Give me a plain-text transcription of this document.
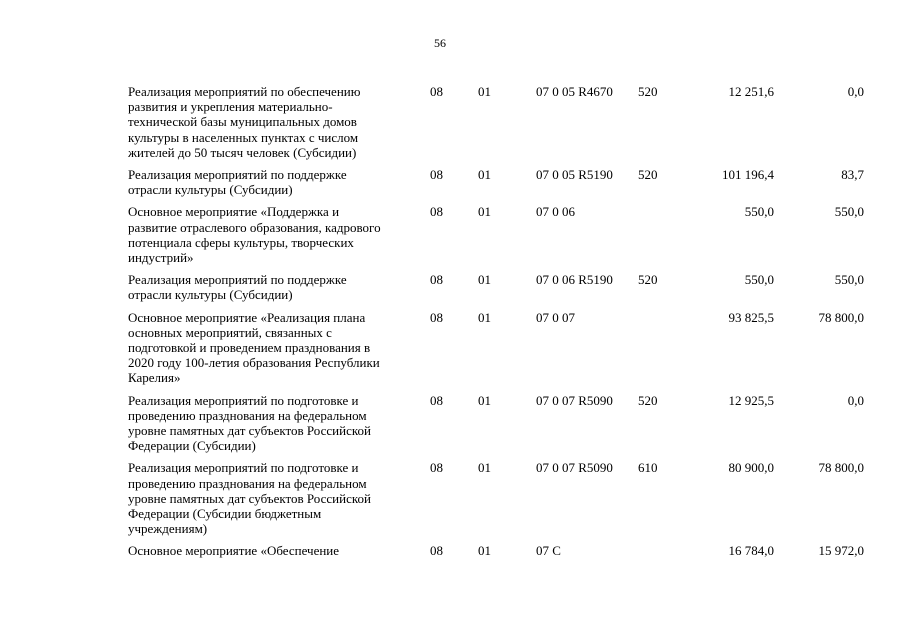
56
Реализация мероприятий по обеспечению
развития и укрепления материально-
технической базы муниципальных домов
культуры в населенных пунктах с числом
жителей до 50 тысяч человек (Субсидии)	08	01	07 0 05 R4670	520	12 251,6	0,0

Реализация мероприятий по поддержке
отрасли культуры (Субсидии)	08	01	07 0 05 R5190	520	101 196,4	83,7

Основное мероприятие «Поддержка и
развитие отраслевого образования, кадрового
потенциала сферы культуры, творческих
индустрий»	08	01	07 0 06		550,0	550,0

Реализация мероприятий по поддержке
отрасли культуры (Субсидии)	08	01	07 0 06 R5190	520	550,0	550,0

Основное мероприятие «Реализация плана
основных мероприятий, связанных с
подготовкой и проведением празднования в
2020 году 100-летия образования Республики
Карелия»	08	01	07 0 07		93 825,5	78 800,0

Реализация мероприятий по подготовке и
проведению празднования на федеральном
уровне памятных дат субъектов Российской
Федерации (Субсидии)	08	01	07 0 07 R5090	520	12 925,5	0,0

Реализация мероприятий по подготовке и
проведению празднования на федеральном
уровне памятных дат субъектов Российской
Федерации (Субсидии бюджетным
учреждениям)	08	01	07 0 07 R5090	610	80 900,0	78 800,0

Основное мероприятие «Обеспечение	08	01	07 С		16 784,0	15 972,0
